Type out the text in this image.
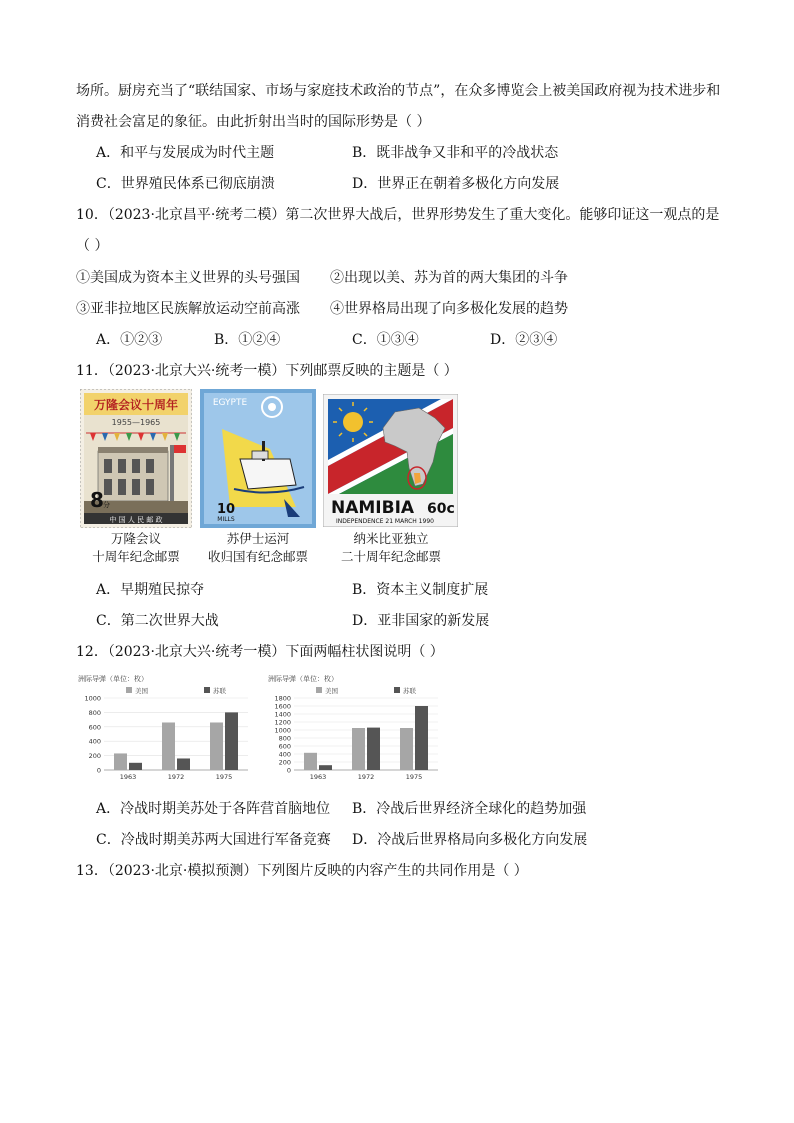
场所。厨房充当了“联结国家、市场与家庭技术政治的节点”，在众多博览会上被美国政府视为技术进步和
消费社会富足的象征。由此折射出当时的国际形势是（ ）
A．和平与发展成为时代主题	B．既非战争又非和平的冷战状态
C．世界殖民体系已彻底崩溃	D．世界正在朝着多极化方向发展
10．（2023·北京昌平·统考二模）第二次世界大战后，世界形势发生了重大变化。能够印证这一观点的是
（ ）
①美国成为资本主义世界的头号强国 ②出现以美、苏为首的两大集团的斗争
③亚非拉地区民族解放运动空前高涨 ④世界格局出现了向多极化发展的趋势
A．①②③	B．①②④	C．①③④	D．②③④
11．（2023·北京大兴·统考一模）下列邮票反映的主题是（ ）
万隆会议十周年
1955—1965
8 分
中 国 人 民 邮 政
EGYPTE
10
MILLS
NAMIBIA 60c
INDEPENDENCE 21 MARCH 1990
万隆会议
十周年纪念邮票
苏伊士运河
收归国有纪念邮票
纳米比亚独立
二十周年纪念邮票
A．早期殖民掠夺	B．资本主义制度扩展
C．第二次世界大战	D．亚非国家的新发展
12．（2023·北京大兴·统考一模）下面两幅柱状图说明（ ）
洲际导弹（单位：枚）
美国	苏联
0
200
400
600
800
1000
1963	1972	1975
洲际导弹（单位：枚）
美国	苏联
0
200
400
600
800
1000
1200
1400
1600
1800
1963	1972	1975
A．冷战时期美苏处于各阵营首脑地位 B．冷战后世界经济全球化的趋势加强
C．冷战时期美苏两大国进行军备竞赛 D．冷战后世界格局向多极化方向发展
13．（2023·北京·模拟预测）下列图片反映的内容产生的共同作用是（ ）
